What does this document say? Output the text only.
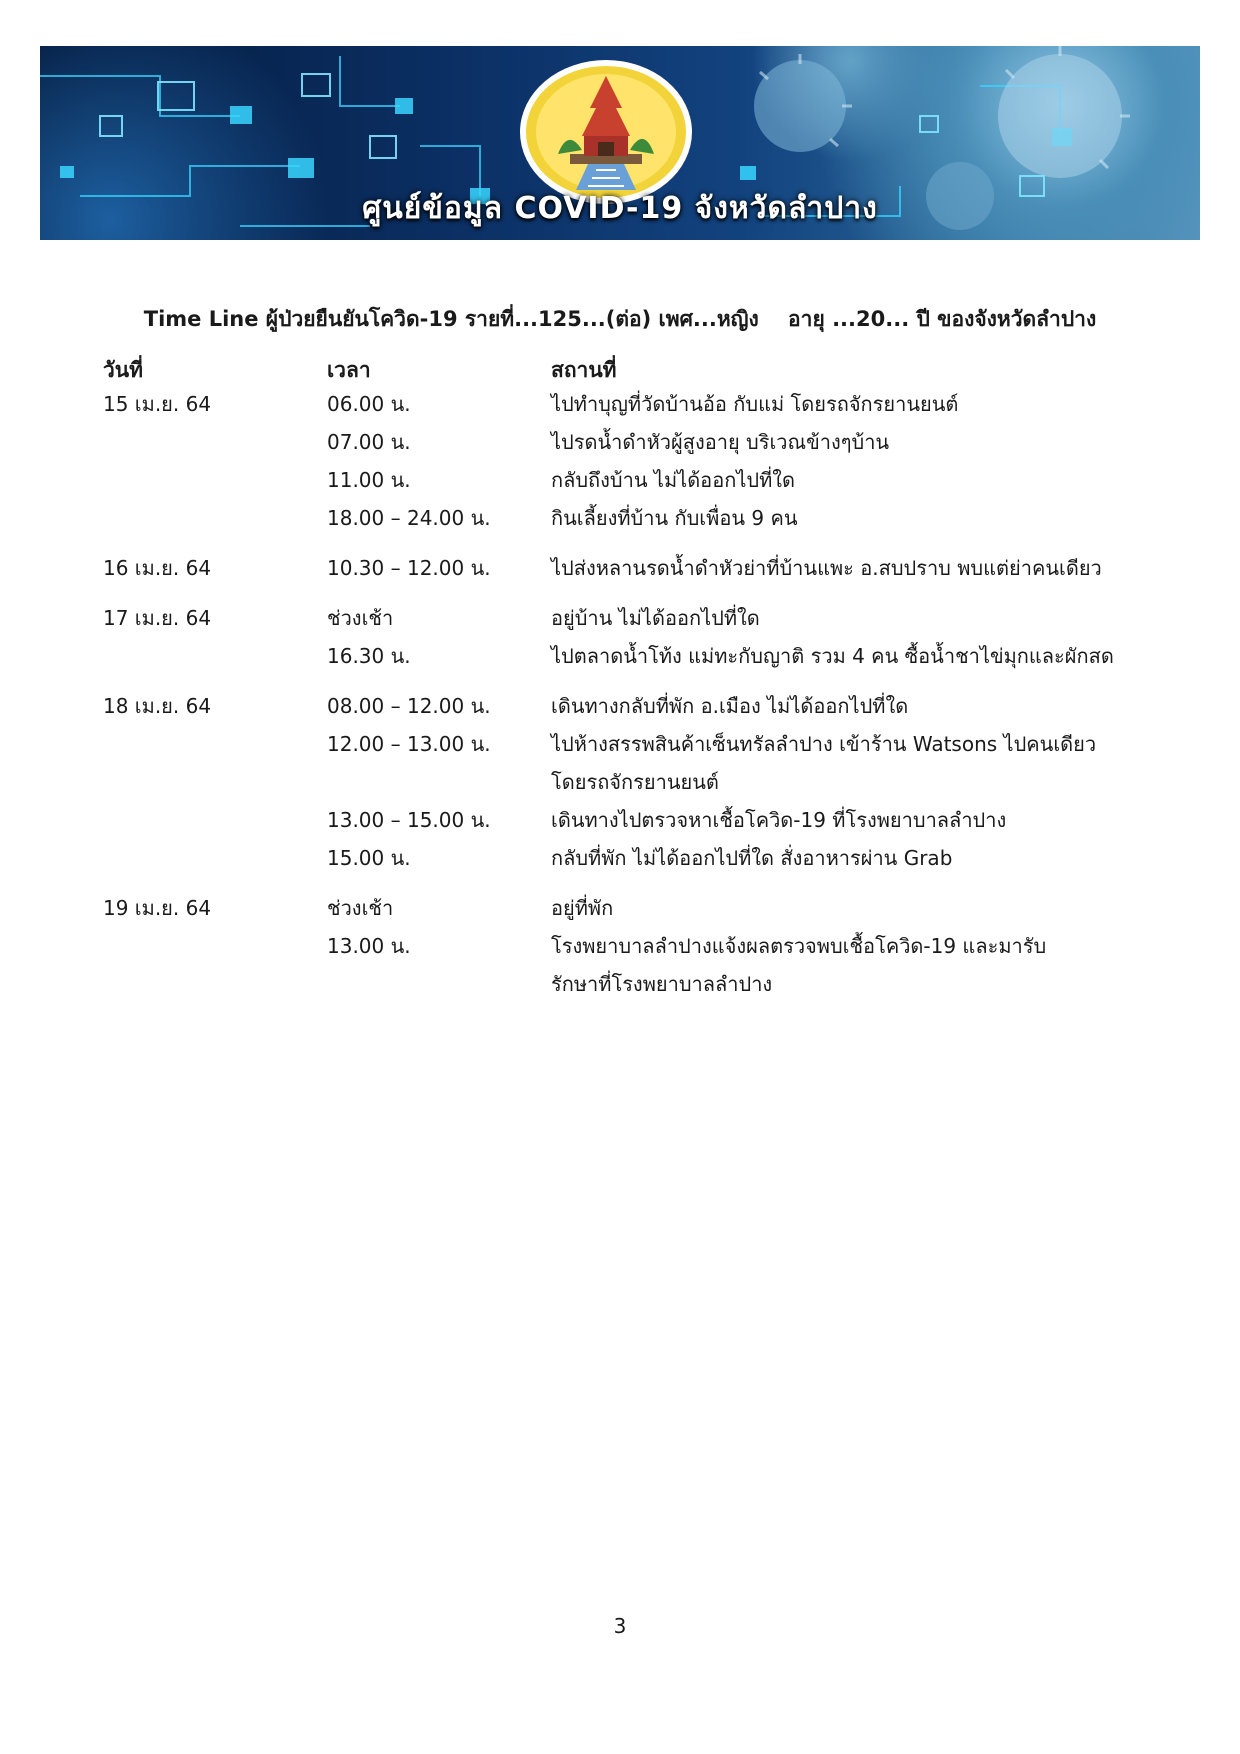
ศูนย์ข้อมูล COVID-19 จังหวัดลำปาง
Time Line ผู้ป่วยยืนยันโควิด-19 รายที่...125...(ต่อ) เพศ...หญิง    อายุ ...20... ปี ของจังหวัดลำปาง
วันที่	เวลา	สถานที่
15 เม.ย. 64	06.00 น.	ไปทำบุญที่วัดบ้านอ้อ กับแม่ โดยรถจักรยานยนต์
07.00 น.	ไปรดน้ำดำหัวผู้สูงอายุ บริเวณข้างๆบ้าน
11.00 น.	กลับถึงบ้าน ไม่ได้ออกไปที่ใด
18.00 – 24.00 น.	กินเลี้ยงที่บ้าน กับเพื่อน 9 คน
16 เม.ย. 64	10.30 – 12.00 น.	ไปส่งหลานรดน้ำดำหัวย่าที่บ้านแพะ อ.สบปราบ พบแต่ย่าคนเดียว
17 เม.ย. 64	ช่วงเช้า	อยู่บ้าน ไม่ได้ออกไปที่ใด
16.30 น.	ไปตลาดน้ำโท้ง แม่ทะกับญาติ รวม 4 คน ซื้อน้ำชาไข่มุกและผักสด
18 เม.ย. 64	08.00 – 12.00 น.	เดินทางกลับที่พัก อ.เมือง ไม่ได้ออกไปที่ใด
12.00 – 13.00 น.	ไปห้างสรรพสินค้าเซ็นทรัลลำปาง เข้าร้าน Watsons ไปคนเดียว
โดยรถจักรยานยนต์
13.00 – 15.00 น.	เดินทางไปตรวจหาเชื้อโควิด-19 ที่โรงพยาบาลลำปาง
15.00 น.	กลับที่พัก ไม่ได้ออกไปที่ใด สั่งอาหารผ่าน Grab
19 เม.ย. 64	ช่วงเช้า	อยู่ที่พัก
13.00 น.	โรงพยาบาลลำปางแจ้งผลตรวจพบเชื้อโควิด-19 และมารับ
รักษาที่โรงพยาบาลลำปาง
3
